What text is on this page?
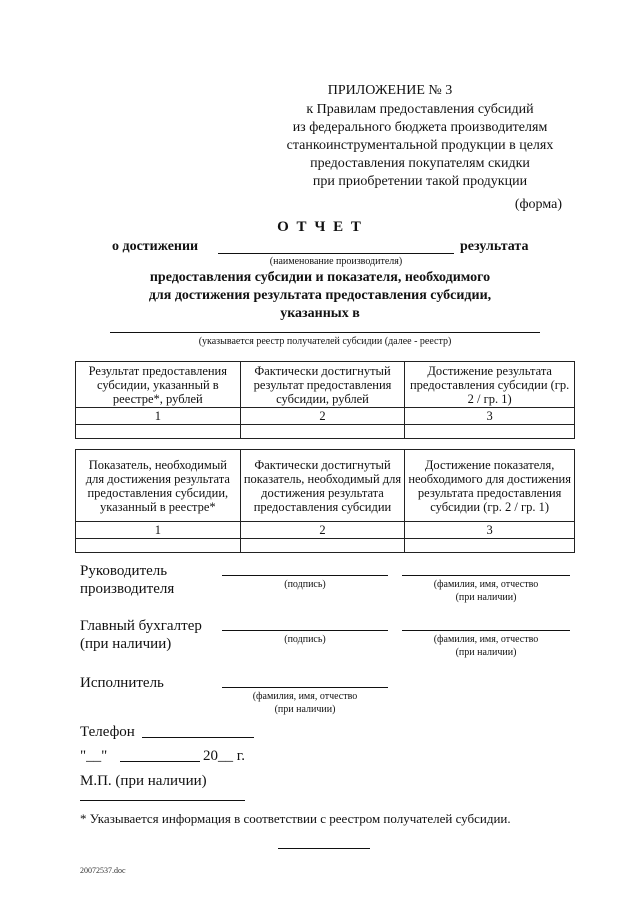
ПРИЛОЖЕНИЕ № 3
к Правилам предоставления субсидий
из федерального бюджета производителям
станкоинструментальной продукции в целях
предоставления покупателям скидки
при приобретении такой продукции
(форма)
О Т Ч Е Т
о достижении	результата
(наименование производителя)
предоставления субсидии и показателя, необходимого
для достижения результата предоставления субсидии,
указанных в
(указывается реестр получателей субсидии (далее - реестр)
Результат предоставления субсидии, указанный в реестре*, рублей	Фактически достигнутый результат предоставления субсидии, рублей	Достижение результата предоставления субсидии (гр. 2 / гр. 1)
1	2	3

Показатель, необходимый для достижения результата предоставления субсидии, указанный в реестре*	Фактически достигнутый показатель, необходимый для достижения результата предоставления субсидии	Достижение показателя, необходимого для достижения результата предоставления субсидии (гр. 2 / гр. 1)
1	2	3

Руководитель
производителя	(подпись)	(фамилия, имя, отчество
(при наличии)
Главный бухгалтер
(при наличии)	(подпись)	(фамилия, имя, отчество
(при наличии)
Исполнитель
(фамилия, имя, отчество
(при наличии)
Телефон
"__"	20__ г.
М.П. (при наличии)
* Указывается информация в соответствии с реестром получателей субсидии.
20072537.doc
